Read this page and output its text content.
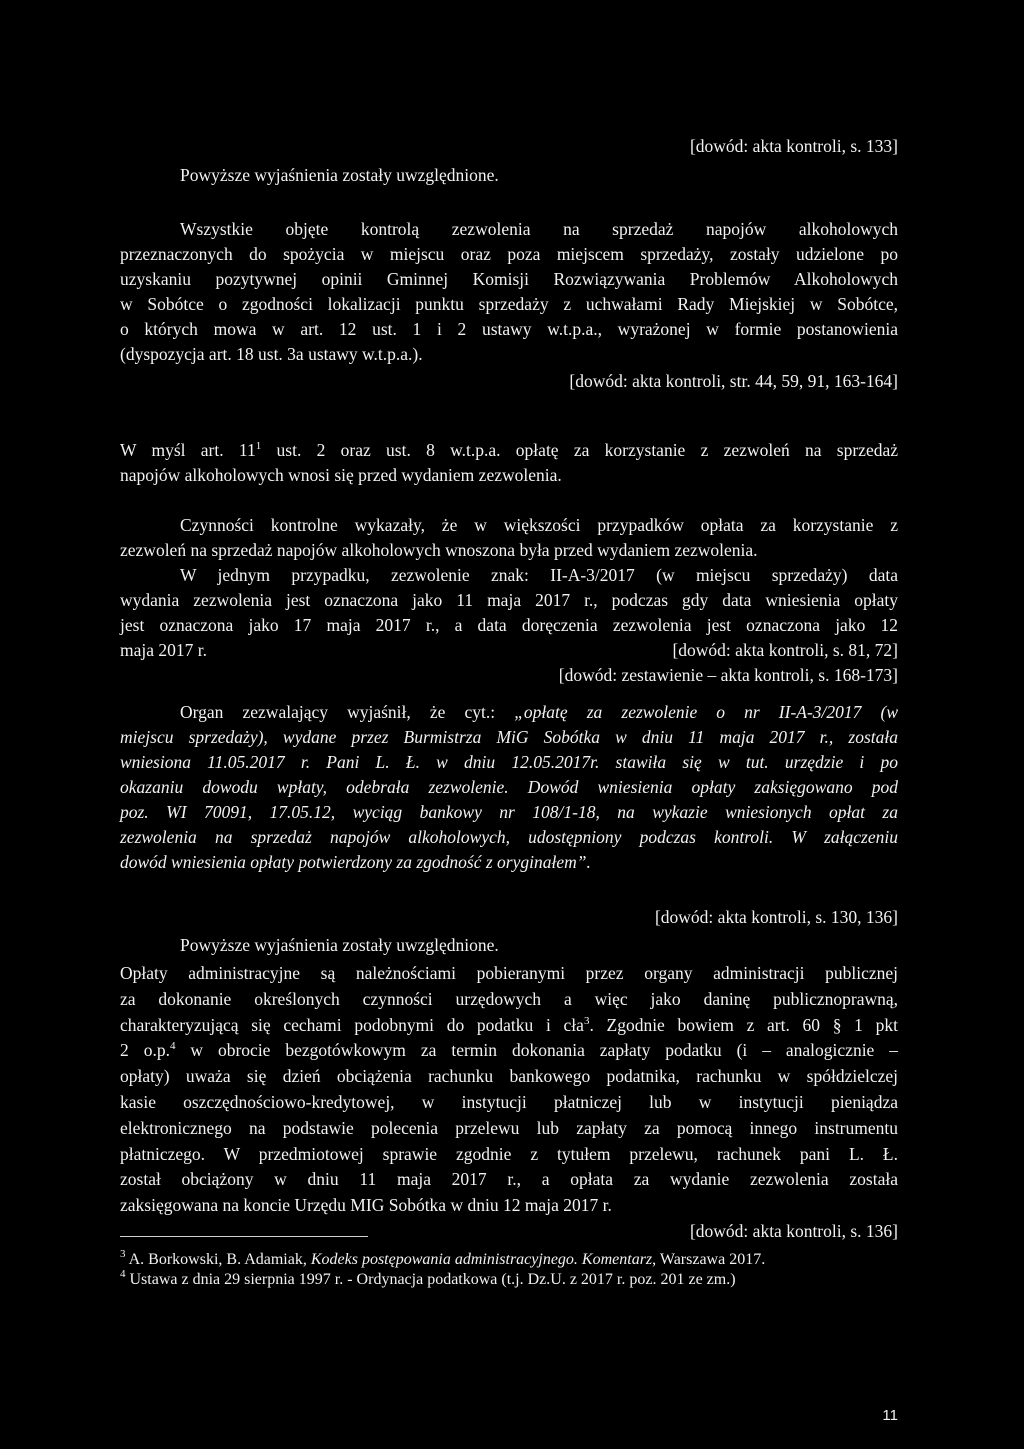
[dowód: akta kontroli, s. 133]
Powyższe wyjaśnienia zostały uwzględnione.
Wszystkie objęte kontrolą zezwolenia na sprzedaż napojów alkoholowych
przeznaczonych do spożycia w miejscu oraz poza miejscem sprzedaży, zostały udzielone po
uzyskaniu pozytywnej opinii Gminnej Komisji Rozwiązywania Problemów Alkoholowych
w Sobótce o zgodności lokalizacji punktu sprzedaży z uchwałami Rady Miejskiej w Sobótce,
o których mowa w art. 12 ust. 1 i 2 ustawy w.t.p.a., wyrażonej w formie postanowienia
(dyspozycja art. 18 ust. 3a ustawy w.t.p.a.).
[dowód: akta kontroli, str. 44, 59, 91, 163-164]
W myśl art. $11^1$ ust. 2 oraz ust. 8 w.t.p.a. opłatę za korzystanie z zezwoleń na sprzedaż
napojów alkoholowych wnosi się przed wydaniem zezwolenia.
Czynności kontrolne wykazały, że w większości przypadków opłata za korzystanie z
zezwoleń na sprzedaż napojów alkoholowych wnoszona była przed wydaniem zezwolenia.
W jednym przypadku, zezwolenie znak: II-A-3/2017 (w miejscu sprzedaży) data
wydania zezwolenia jest oznaczona jako 11 maja 2017 r., podczas gdy data wniesienia opłaty
jest oznaczona jako 17 maja 2017 r., a data doręczenia zezwolenia jest oznaczona jako 12
maja 2017 r.	[dowód: akta kontroli, s. 81, 72]
[dowód: zestawienie – akta kontroli, s. 168-173]
Organ zezwalający wyjaśnił, że cyt.: „opłatę za zezwolenie o nr II-A-3/2017 (w
miejscu sprzedaży), wydane przez Burmistrza MiG Sobótka w dniu 11 maja 2017 r., została
wniesiona 11.05.2017 r. Pani L. Ł. w dniu 12.05.2017r. stawiła się w tut. urzędzie i po
okazaniu dowodu wpłaty, odebrała zezwolenie. Dowód wniesienia opłaty zaksięgowano pod
poz. WI 70091, 17.05.12, wyciąg bankowy nr 108/1-18, na wykazie wniesionych opłat za
zezwolenia na sprzedaż napojów alkoholowych, udostępniony podczas kontroli. W załączeniu
dowód wniesienia opłaty potwierdzony za zgodność z oryginałem”.
[dowód: akta kontroli, s. 130, 136]
Powyższe wyjaśnienia zostały uwzględnione.
Opłaty administracyjne są należnościami pobieranymi przez organy administracji publicznej
za dokonanie określonych czynności urzędowych a więc jako daninę publicznoprawną,
charakteryzującą się cechami podobnymi do podatku i cła$^3$. Zgodnie bowiem z art. 60 § 1 pkt
2 o.p.$^4$ w obrocie bezgotówkowym za termin dokonania zapłaty podatku (i – analogicznie –
opłaty) uważa się dzień obciążenia rachunku bankowego podatnika, rachunku w spółdzielczej
kasie oszczędnościowo-kredytowej, w instytucji płatniczej lub w instytucji pieniądza
elektronicznego na podstawie polecenia przelewu lub zapłaty za pomocą innego instrumentu
płatniczego. W przedmiotowej sprawie zgodnie z tytułem przelewu, rachunek pani L. Ł.
został obciążony w dniu 11 maja 2017 r., a opłata za wydanie zezwolenia została
zaksięgowana na koncie Urzędu MIG Sobótka w dniu 12 maja 2017 r.
[dowód: akta kontroli, s. 136]
$^3$ A. Borkowski, B. Adamiak, Kodeks postępowania administracyjnego. Komentarz, Warszawa 2017.
$^4$ Ustawa z dnia 29 sierpnia 1997 r. - Ordynacja podatkowa (t.j. Dz.U. z 2017 r. poz. 201 ze zm.)
11
